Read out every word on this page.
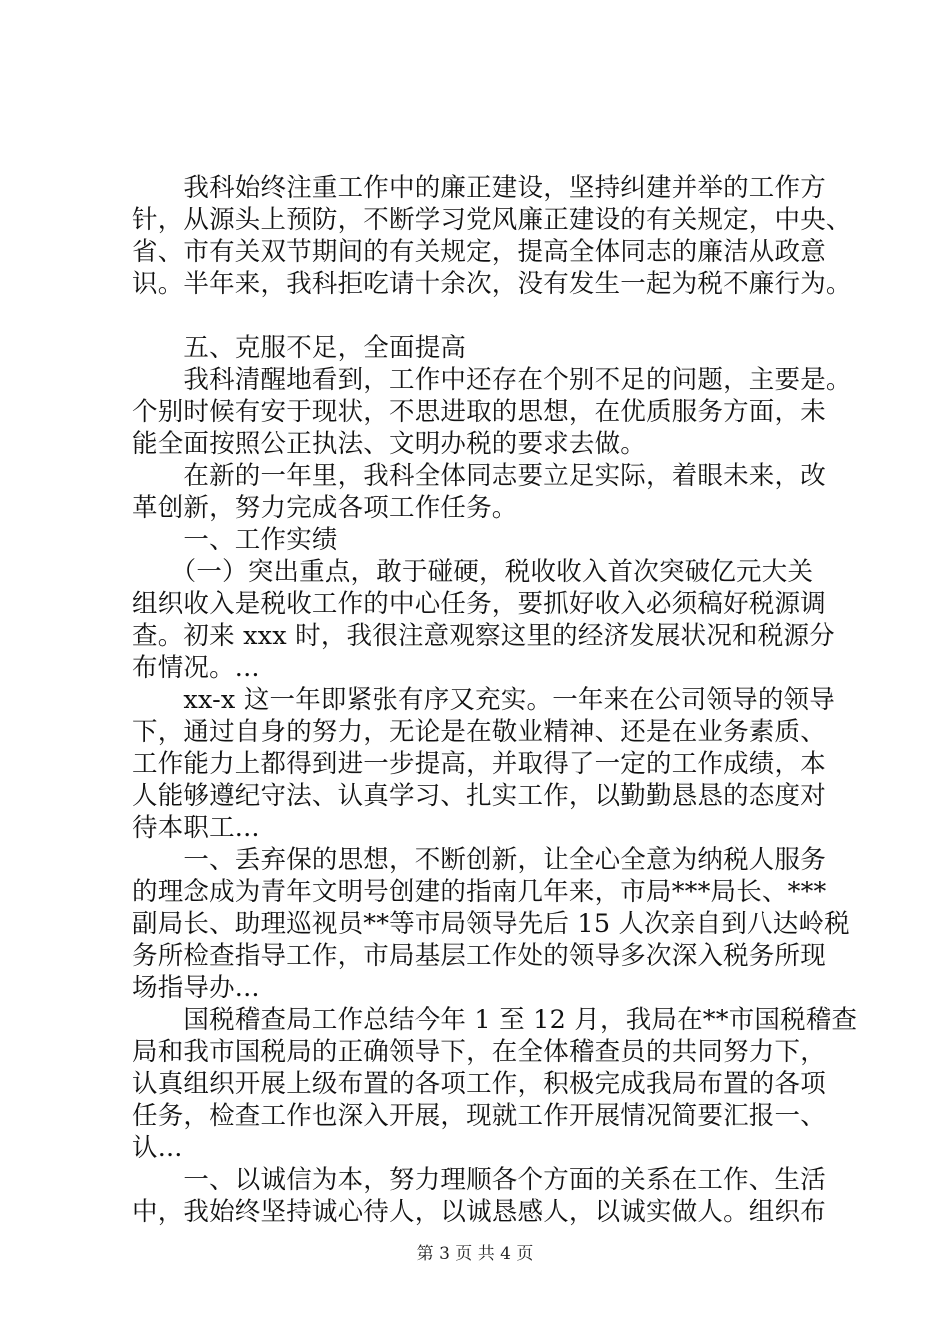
　　我科始终注重工作中的廉正建设，坚持纠建并举的工作方
针，从源头上预防，不断学习党风廉正建设的有关规定，中央、
省、市有关双节期间的有关规定，提高全体同志的廉洁从政意
识。半年来，我科拒吃请十余次，没有发生一起为税不廉行为。
　　五、克服不足，全面提高
　　我科清醒地看到，工作中还存在个别不足的问题，主要是。
个别时候有安于现状，不思进取的思想，在优质服务方面，未
能全面按照公正执法、文明办税的要求去做。
　　在新的一年里，我科全体同志要立足实际，着眼未来，改
革创新，努力完成各项工作任务。
　　一、工作实绩
　　（一）突出重点，敢于碰硬，税收收入首次突破亿元大关
组织收入是税收工作的中心任务，要抓好收入必须稿好税源调
查。初来 xxx 时，我很注意观察这里的经济发展状况和税源分
布情况。...
　　xx-x 这一年即紧张有序又充实。一年来在公司领导的领导
下，通过自身的努力，无论是在敬业精神、还是在业务素质、
工作能力上都得到进一步提高，并取得了一定的工作成绩，本
人能够遵纪守法、认真学习、扎实工作，以勤勤恳恳的态度对
待本职工...
　　一、丢弃保的思想，不断创新，让全心全意为纳税人服务
的理念成为青年文明号创建的指南几年来，市局***局长、***
副局长、助理巡视员**等市局领导先后 15 人次亲自到八达岭税
务所检查指导工作，市局基层工作处的领导多次深入税务所现
场指导办...
　　国税稽查局工作总结今年 1 至 12 月，我局在**市国税稽查
局和我市国税局的正确领导下，在全体稽查员的共同努力下，
认真组织开展上级布置的各项工作，积极完成我局布置的各项
任务，检查工作也深入开展，现就工作开展情况简要汇报一、
认...
　　一、以诚信为本，努力理顺各个方面的关系在工作、生活
中，我始终坚持诚心待人，以诚恳感人，以诚实做人。组织布
第 3 页 共 4 页
